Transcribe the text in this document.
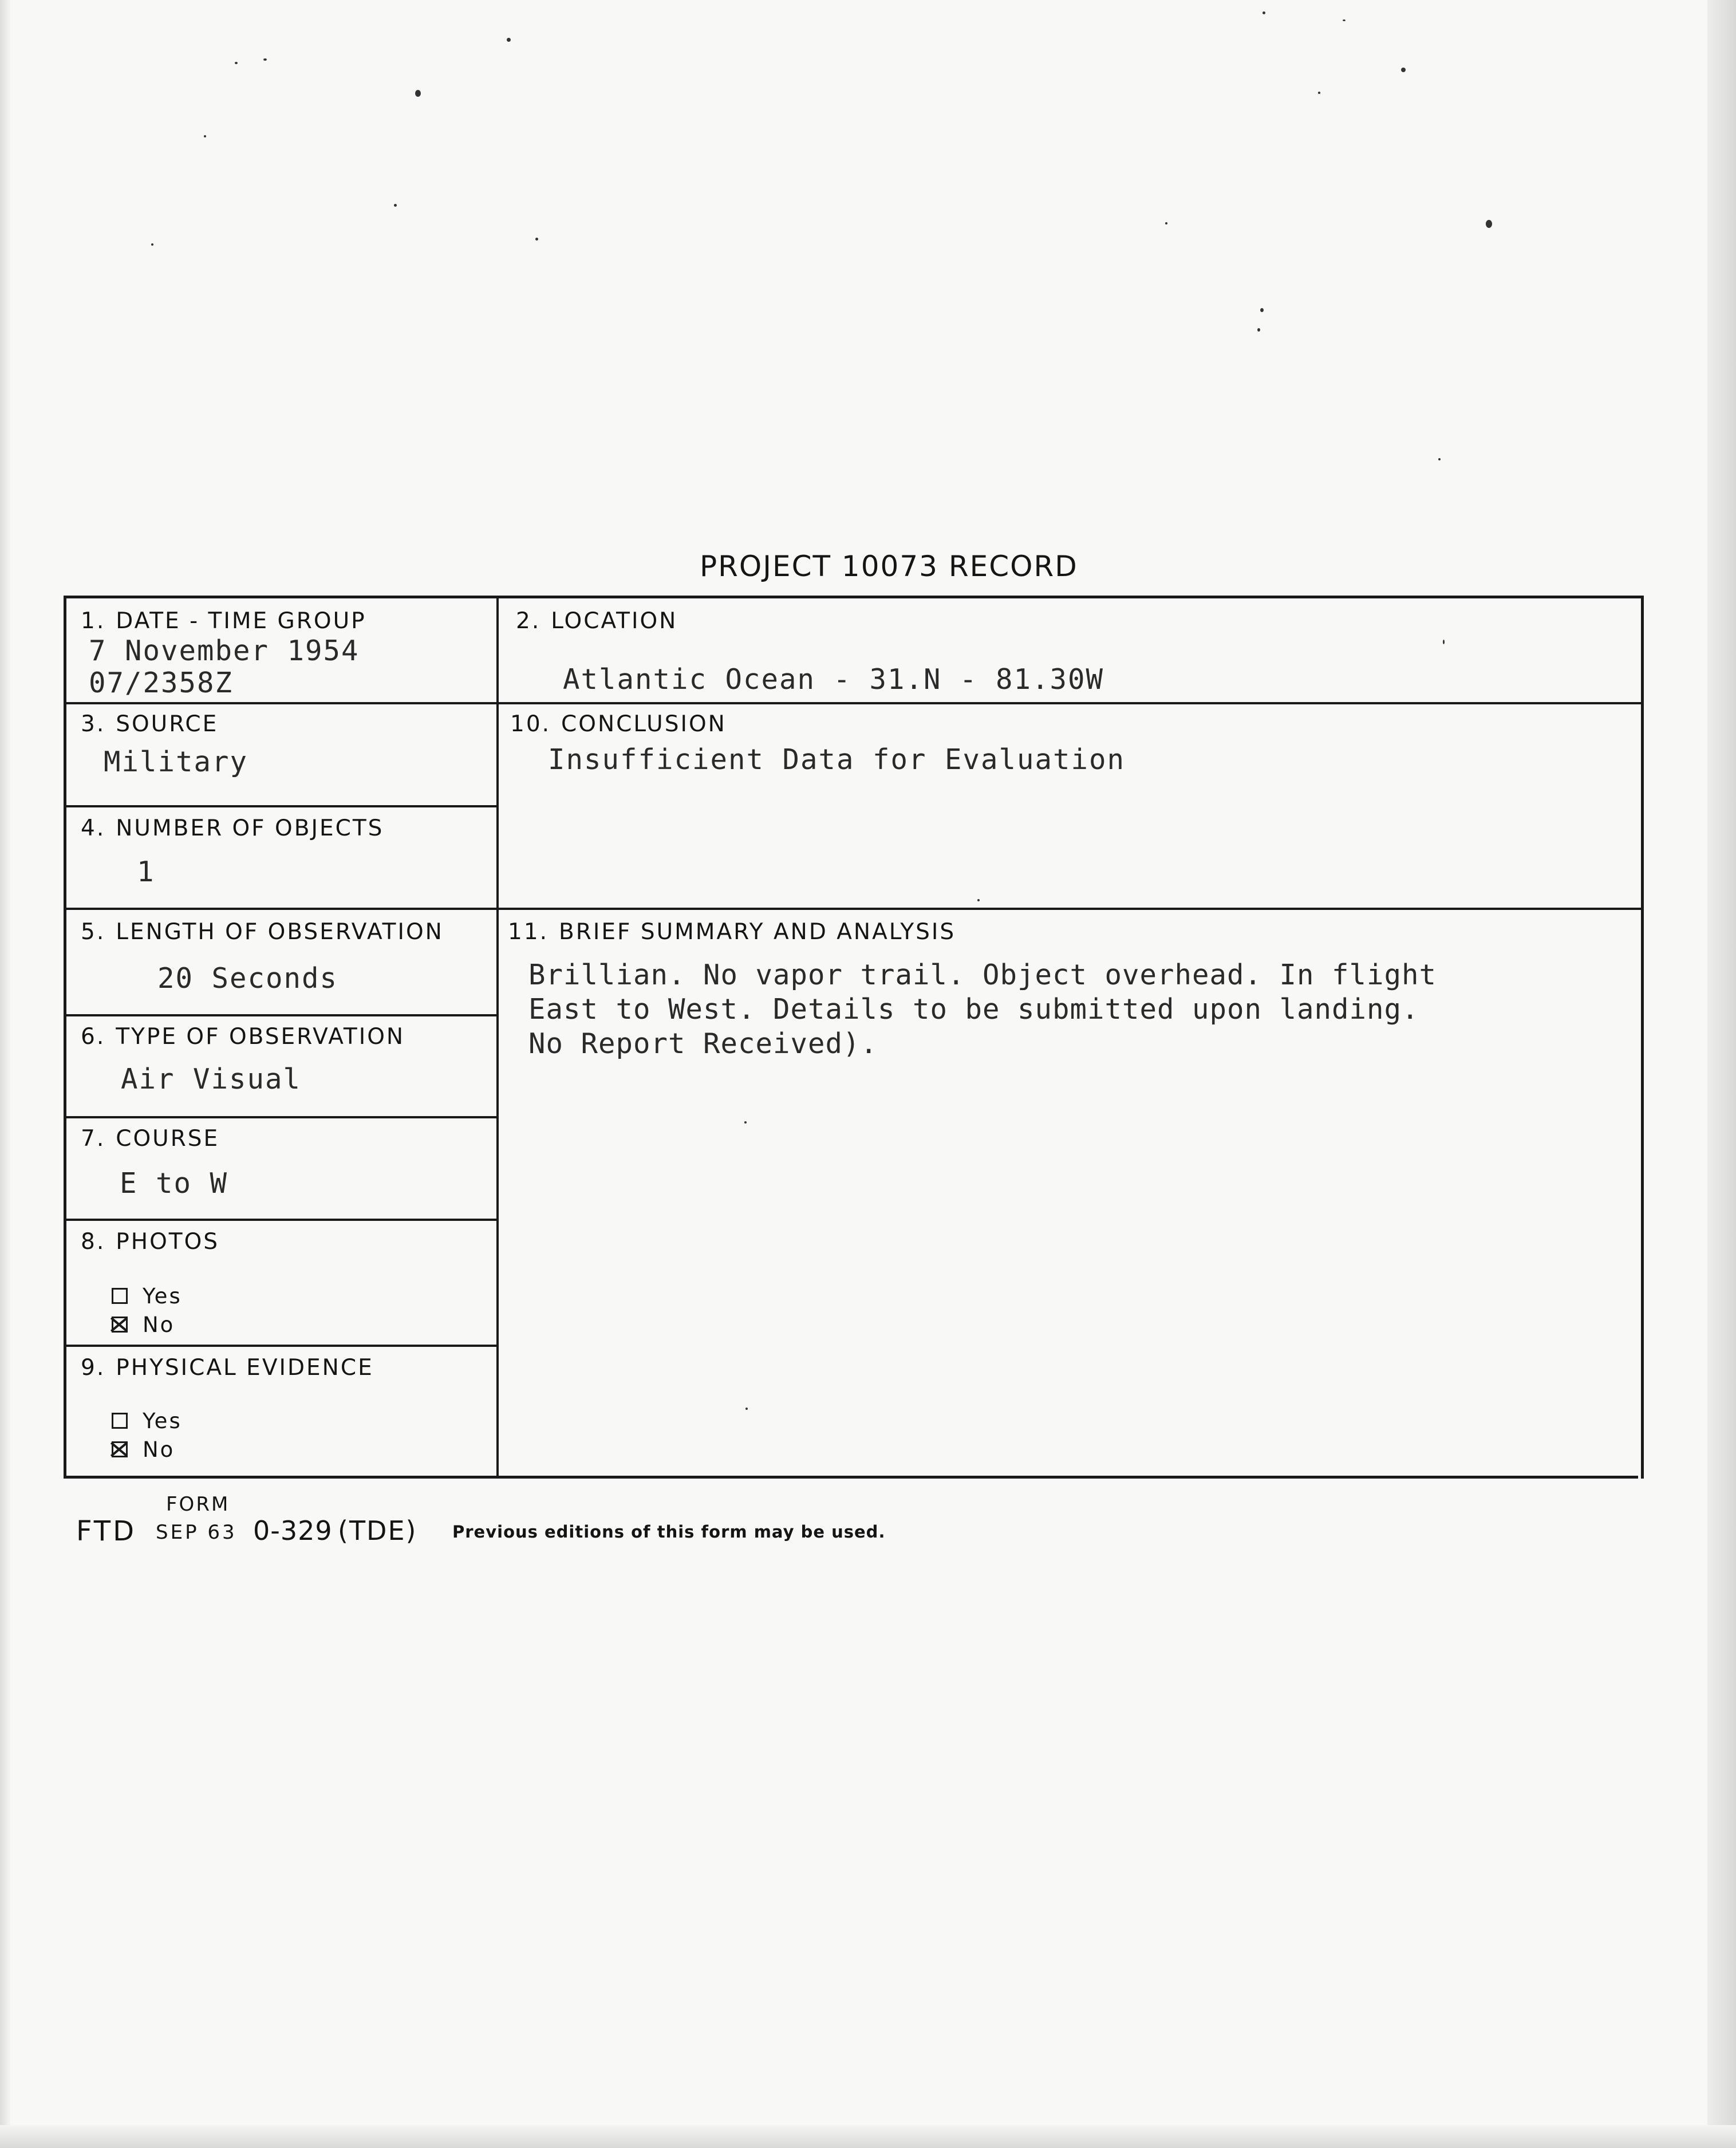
PROJECT 10073 RECORD
1. DATE - TIME GROUP
7 November 1954
07/2358Z
2. LOCATION
Atlantic Ocean - 31.N - 81.30W
3. SOURCE
Military
10. CONCLUSION
Insufficient Data for Evaluation
4. NUMBER OF OBJECTS
1
5. LENGTH OF OBSERVATION
20 Seconds
11. BRIEF SUMMARY AND ANALYSIS
Brillian. No vapor trail. Object overhead. In flight
East to West. Details to be submitted upon landing.
No Report Received).
6. TYPE OF OBSERVATION
Air Visual
7. COURSE
E to W
8. PHOTOS
Yes
No
9. PHYSICAL EVIDENCE
Yes
No
FORM
FTD SEP 63 0-329 (TDE) Previous editions of this form may be used.
